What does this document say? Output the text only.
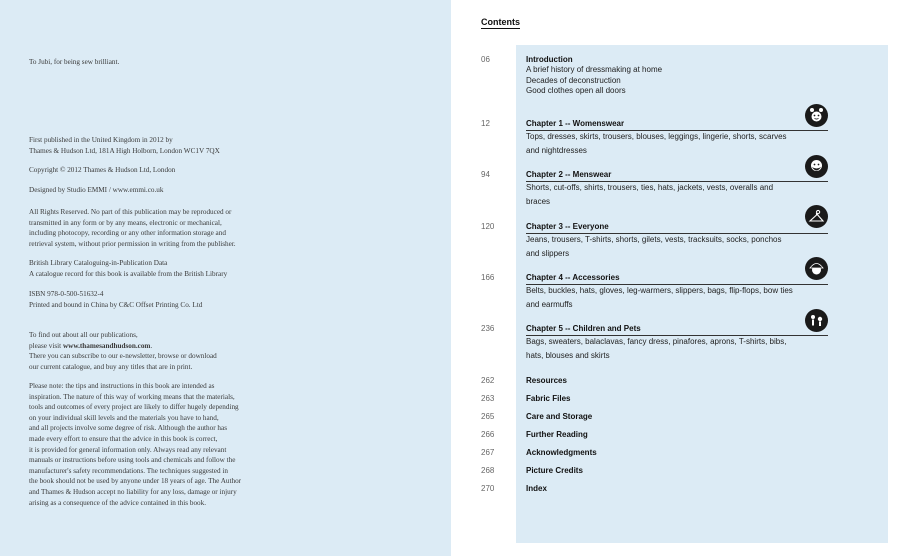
To Jubi, for being sew brilliant.
First published in the United Kingdom in 2012 by
Thames & Hudson Ltd, 181A High Holborn, London WC1V 7QX
Copyright © 2012 Thames & Hudson Ltd, London
Designed by Studio EMMI / www.emmi.co.uk
All Rights Reserved. No part of this publication may be reproduced or
transmitted in any form or by any means, electronic or mechanical,
including photocopy, recording or any other information storage and
retrieval system, without prior permission in writing from the publisher.
British Library Cataloguing-in-Publication Data
A catalogue record for this book is available from the British Library
ISBN 978-0-500-51632-4
Printed and bound in China by C&C Offset Printing Co. Ltd
To find out about all our publications,
please visit www.thamesandhudson.com.
There you can subscribe to our e-newsletter, browse or download
our current catalogue, and buy any titles that are in print.
Please note: the tips and instructions in this book are intended as
inspiration. The nature of this way of working means that the materials,
tools and outcomes of every project are likely to differ hugely depending
on your individual skill levels and the materials you have to hand,
and all projects involve some degree of risk. Although the author has
made every effort to ensure that the advice in this book is correct,
it is provided for general information only. Always read any relevant
manuals or instructions before using tools and chemicals and follow the
manufacturer's safety recommendations. The techniques suggested in
the book should not be used by anyone under 18 years of age. The Author
and Thames & Hudson accept no liability for any loss, damage or injury
arising as a consequence of the advice contained in this book.
Contents
06	Introduction
A brief history of dressmaking at home
Decades of deconstruction
Good clothes open all doors
12	Chapter 1 -- Womenswear
Tops, dresses, skirts, trousers, blouses, leggings, lingerie, shorts, scarves and nightdresses
94	Chapter 2 -- Menswear
Shorts, cut-offs, shirts, trousers, ties, hats, jackets, vests, overalls and braces
120	Chapter 3 -- Everyone
Jeans, trousers, T-shirts, shorts, gilets, vests, tracksuits, socks, ponchos and slippers
166	Chapter 4 -- Accessories
Belts, buckles, hats, gloves, leg-warmers, slippers, bags, flip-flops, bow ties and earmuffs
236	Chapter 5 -- Children and Pets
Bags, sweaters, balaclavas, fancy dress, pinafores, aprons, T-shirts, bibs, hats, blouses and skirts
262	Resources
263	Fabric Files
265	Care and Storage
266	Further Reading
267	Acknowledgments
268	Picture Credits
270	Index
